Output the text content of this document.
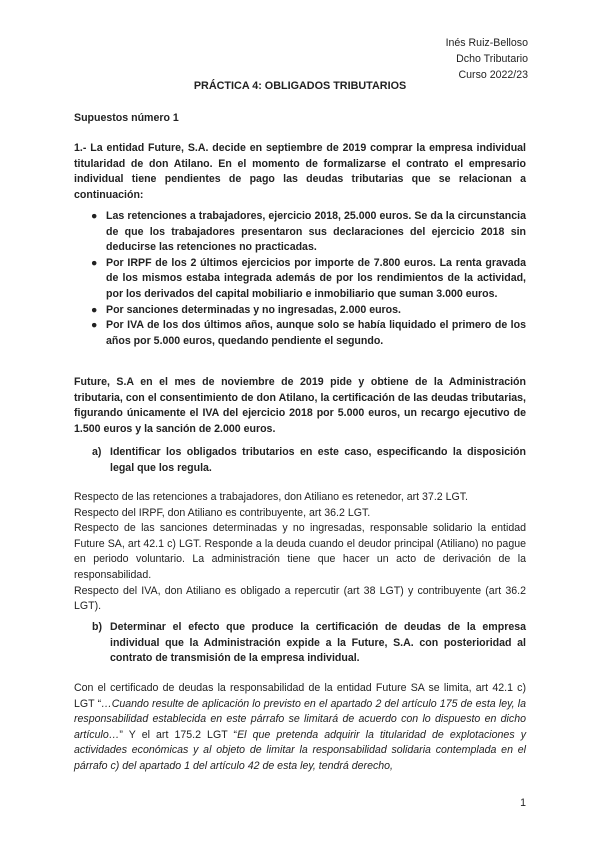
Inés Ruiz-Belloso
Dcho Tributario
Curso 2022/23
PRÁCTICA 4: OBLIGADOS TRIBUTARIOS
Supuestos número 1
1.- La entidad Future, S.A. decide en septiembre de 2019 comprar la empresa individual titularidad de don Atilano. En el momento de formalizarse el contrato el empresario individual tiene pendientes de pago las deudas tributarias que se relacionan a continuación:
● Las retenciones a trabajadores, ejercicio 2018, 25.000 euros. Se da la circunstancia de que los trabajadores presentaron sus declaraciones del ejercicio 2018 sin deducirse las retenciones no practicadas.
● Por IRPF de los 2 últimos ejercicios por importe de 7.800 euros. La renta gravada de los mismos estaba integrada además de por los rendimientos de la actividad, por los derivados del capital mobiliario e inmobiliario que suman 3.000 euros.
● Por sanciones determinadas y no ingresadas, 2.000 euros.
● Por IVA de los dos últimos años, aunque solo se había liquidado el primero de los años por 5.000 euros, quedando pendiente el segundo.
Future, S.A en el mes de noviembre de 2019 pide y obtiene de la Administración tributaria, con el consentimiento de don Atilano, la certificación de las deudas tributarias, figurando únicamente el IVA del ejercicio 2018 por 5.000 euros, un recargo ejecutivo de 1.500 euros y la sanción de 2.000 euros.
a) Identificar los obligados tributarios en este caso, especificando la disposición legal que los regula.

Respecto de las retenciones a trabajadores, don Atiliano es retenedor, art 37.2 LGT.

Respecto del IRPF, don Atiliano es contribuyente, art 36.2 LGT.

Respecto de las sanciones determinadas y no ingresadas, responsable solidario la entidad Future SA, art 42.1 c) LGT. Responde a la deuda cuando el deudor principal (Atiliano) no pague en periodo voluntario. La administración tiene que hacer un acto de derivación de la responsabilidad.

Respecto del IVA, don Atiliano es obligado a repercutir (art 38 LGT) y contribuyente (art 36.2 LGT).

b) Determinar el efecto que produce la certificación de deudas de la empresa individual que la Administración expide a la Future, S.A. con posterioridad al contrato de transmisión de la empresa individual.

Con el certificado de deudas la responsabilidad de la entidad Future SA se limita, art 42.1 c) LGT “…Cuando resulte de aplicación lo previsto en el apartado 2 del artículo 175 de esta ley, la responsabilidad establecida en este párrafo se limitará de acuerdo con lo dispuesto en dicho artículo…” Y el art 175.2 LGT “El que pretenda adquirir la titularidad de explotaciones y actividades económicas y al objeto de limitar la responsabilidad solidaria contemplada en el párrafo c) del apartado 1 del artículo 42 de esta ley, tendrá derecho,

1
